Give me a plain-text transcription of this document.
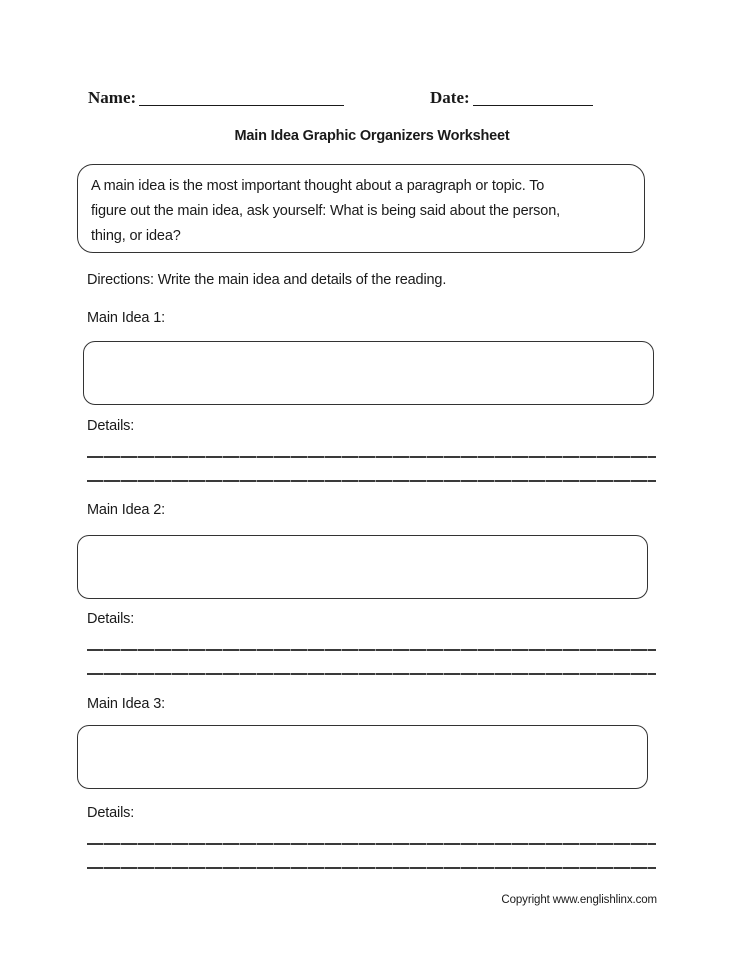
Name:	Date:
Main Idea Graphic Organizers Worksheet
A main idea is the most important thought about a paragraph or topic. To
figure out the main idea, ask yourself: What is being said about the person,
thing, or idea?
Directions: Write the main idea and details of the reading.
Main Idea 1:
Details:
Main Idea 2:
Details:
Main Idea 3:
Details:
Copyright www.englishlinx.com
